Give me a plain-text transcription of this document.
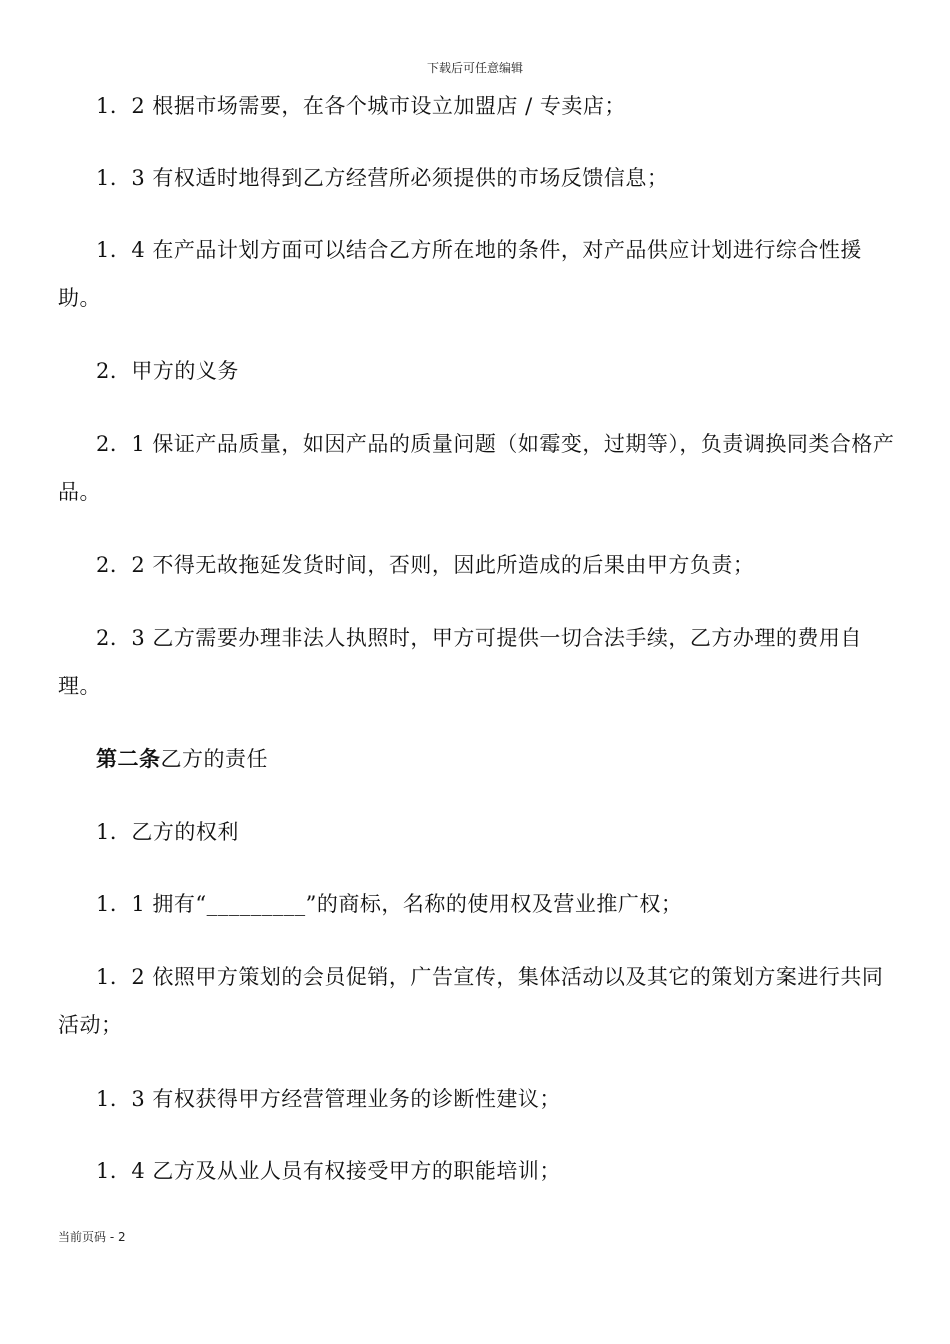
下载后可任意编辑
1．2 根据市场需要，在各个城市设立加盟店 / 专卖店；
1．3 有权适时地得到乙方经营所必须提供的市场反馈信息；
1．4 在产品计划方面可以结合乙方所在地的条件，对产品供应计划进行综合性援助。
2．甲方的义务
2．1 保证产品质量，如因产品的质量问题（如霉变，过期等），负责调换同类合格产品。
2．2 不得无故拖延发货时间，否则，因此所造成的后果由甲方负责；
2．3 乙方需要办理非法人执照时，甲方可提供一切合法手续，乙方办理的费用自理。
第二条乙方的责任
1．乙方的权利
1．1 拥有“_________”的商标，名称的使用权及营业推广权；
1．2 依照甲方策划的会员促销，广告宣传，集体活动以及其它的策划方案进行共同活动；
1．3 有权获得甲方经营管理业务的诊断性建议；
1．4 乙方及从业人员有权接受甲方的职能培训；
当前页码 - 2
